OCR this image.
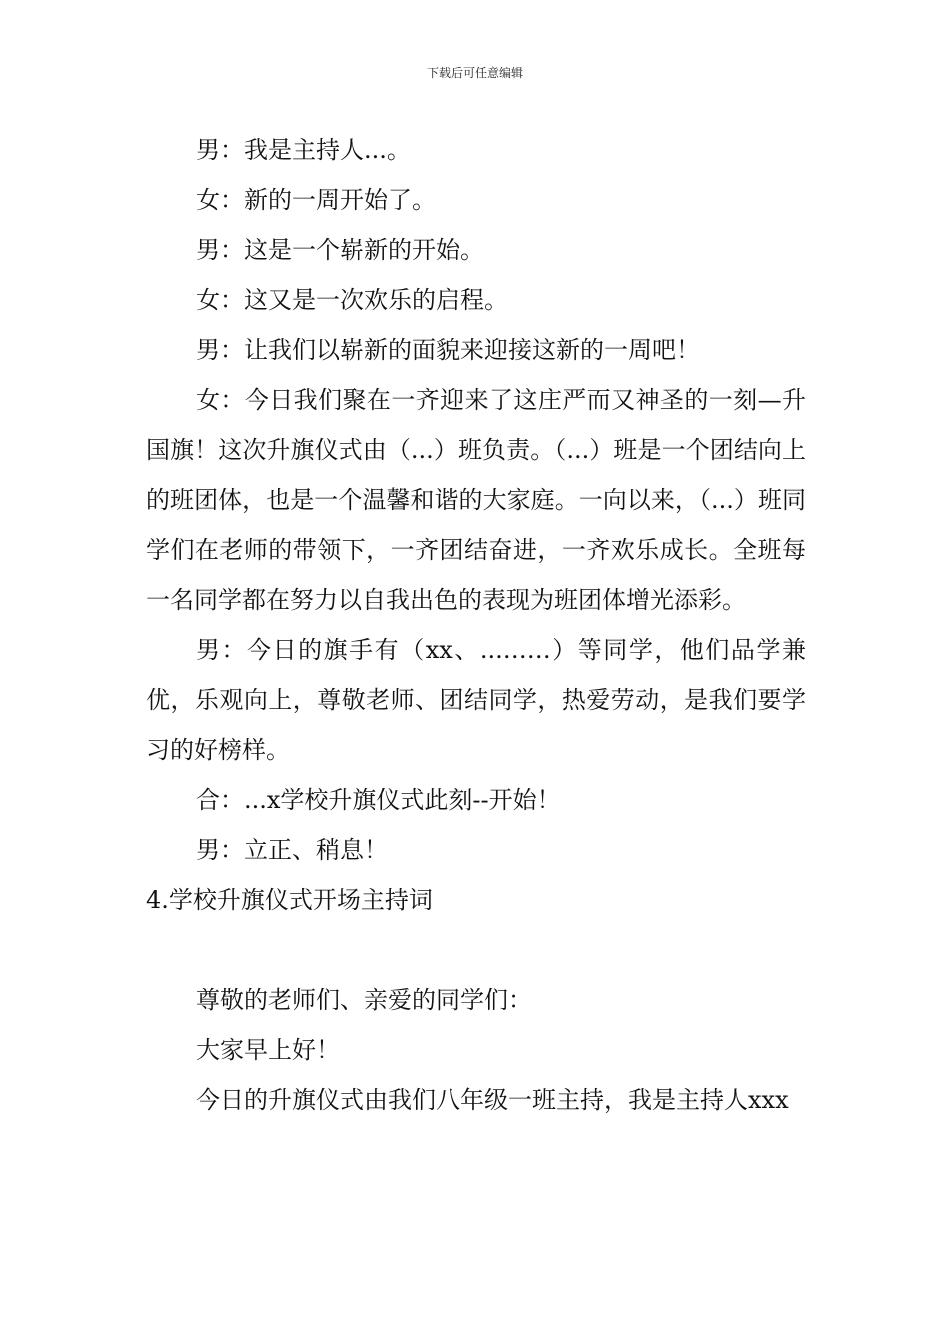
下载后可任意编辑

男：我是主持人...。

女：新的一周开始了。

男：这是一个崭新的开始。

女：这又是一次欢乐的启程。

男：让我们以崭新的面貌来迎接这新的一周吧！

女：今日我们聚在一齐迎来了这庄严而又神圣的一刻—升国旗！这次升旗仪式由（...）班负责。（...）班是一个团结向上的班团体，也是一个温馨和谐的大家庭。一向以来，（...）班同学们在老师的带领下，一齐团结奋进，一齐欢乐成长。全班每一名同学都在努力以自我出色的表现为班团体增光添彩。

男：今日的旗手有（xx、...……）等同学，他们品学兼优，乐观向上，尊敬老师、团结同学，热爱劳动，是我们要学习的好榜样。

合：...x学校升旗仪式此刻--开始！

男：立正、稍息！

4.学校升旗仪式开场主持词

尊敬的老师们、亲爱的同学们：

大家早上好！

今日的升旗仪式由我们八年级一班主持，我是主持人xxx
